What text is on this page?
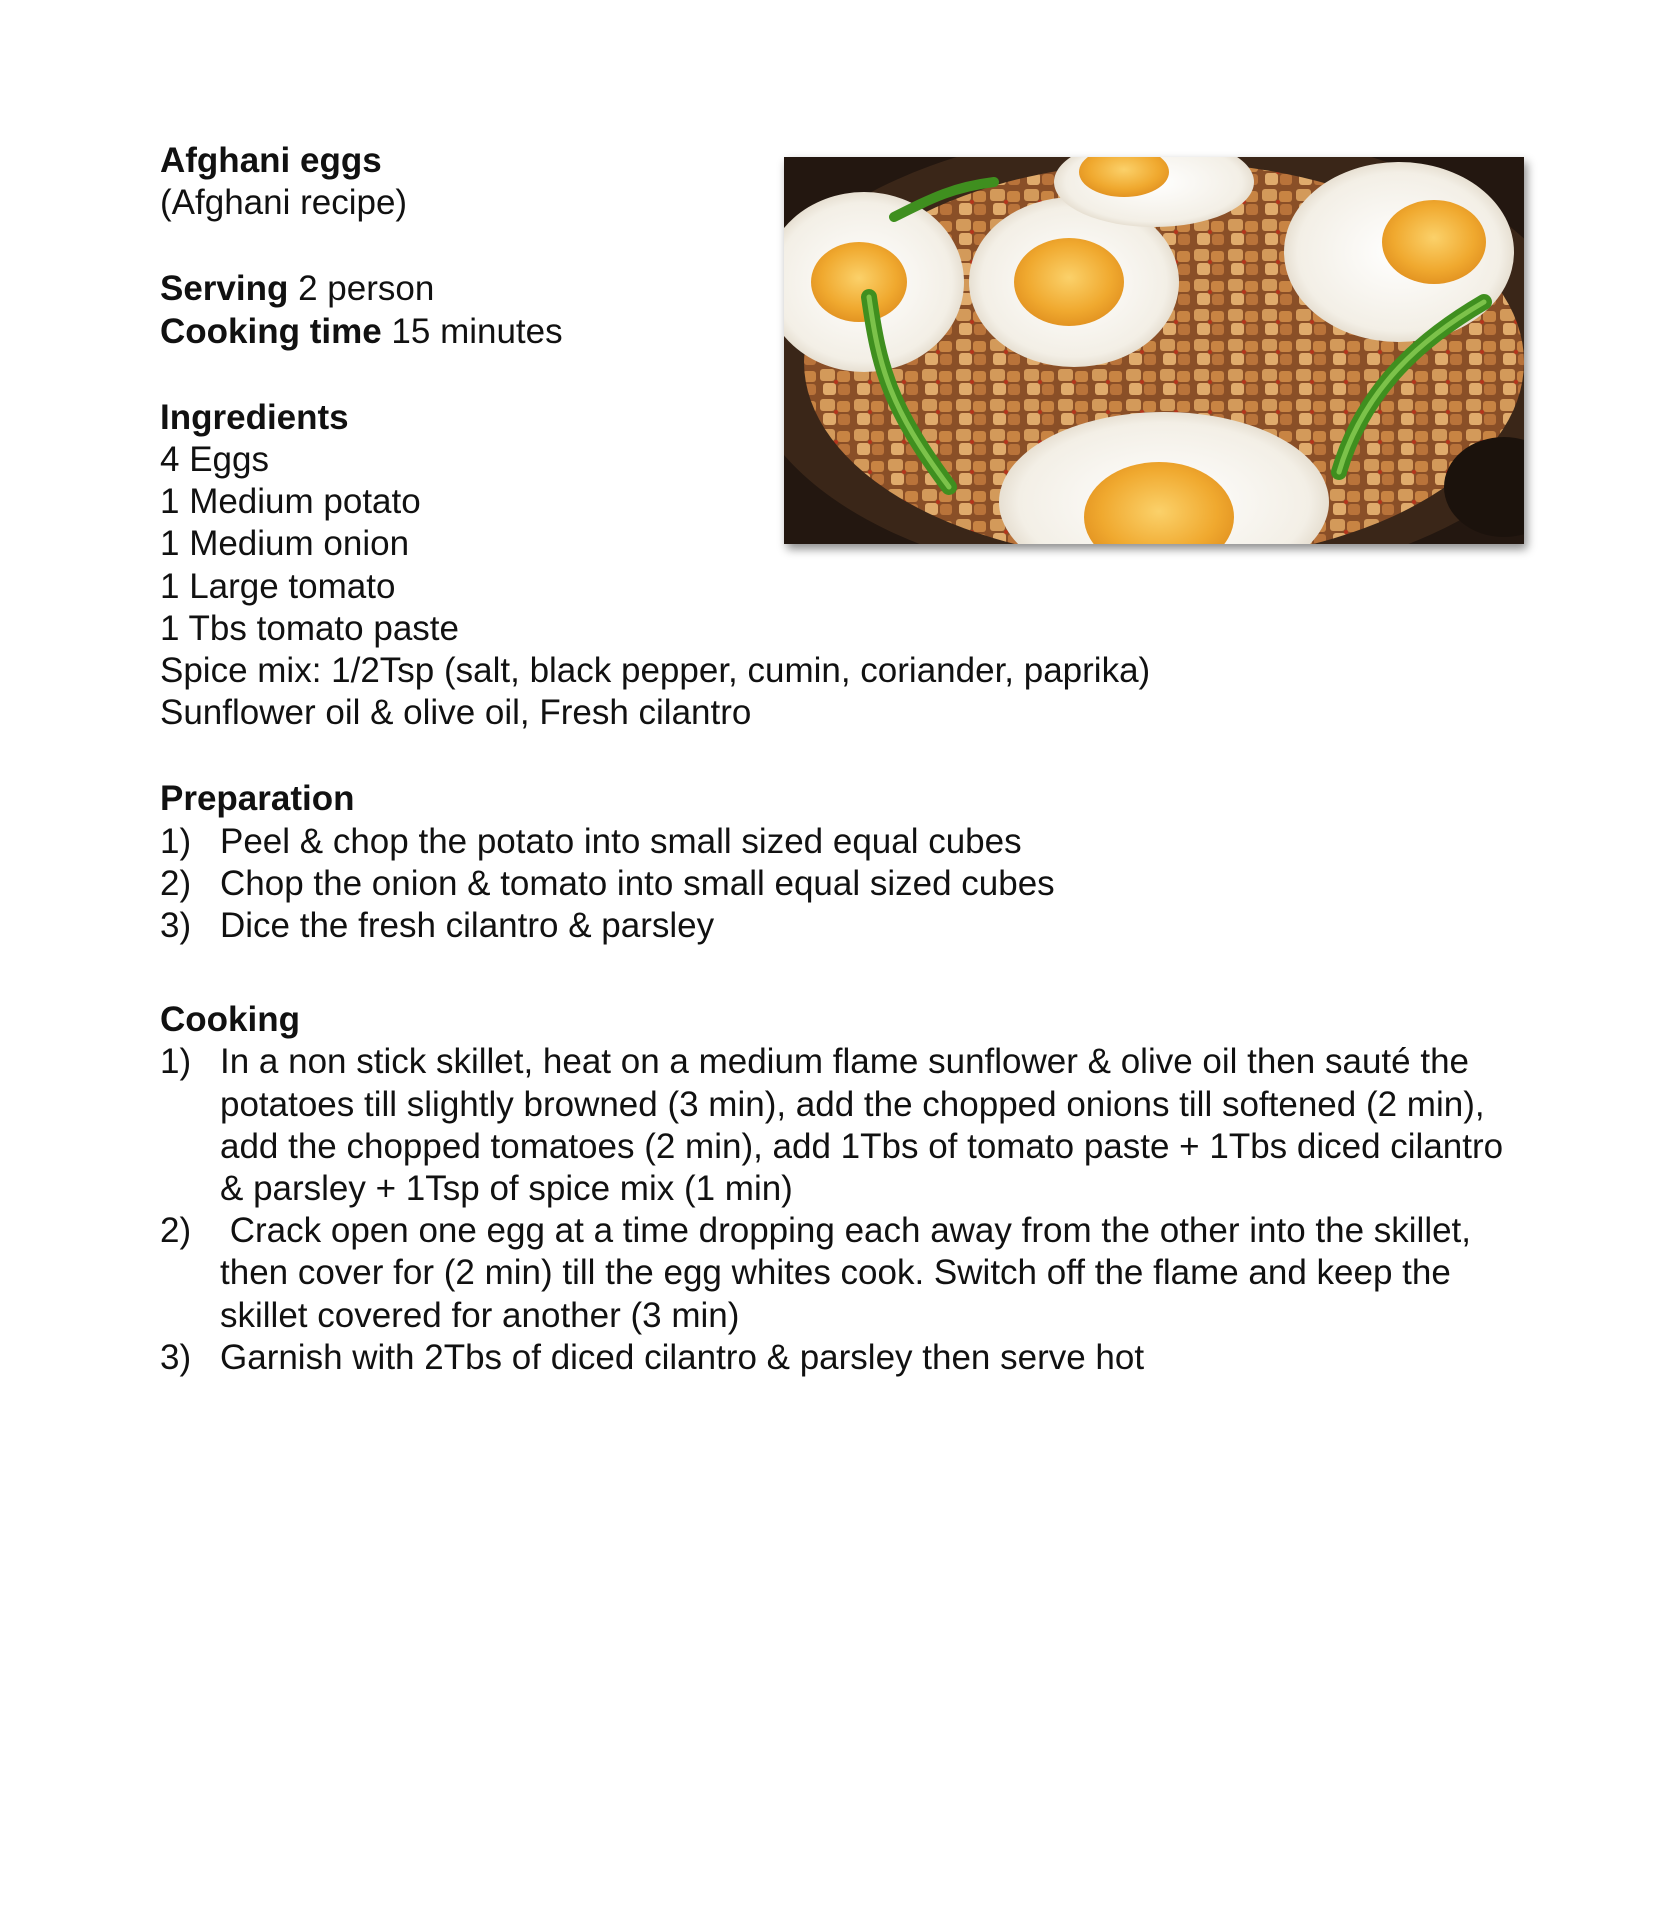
Afghani eggs
(Afghani recipe)
Serving 2 person
Cooking time 15 minutes
Ingredients
4 Eggs
1 Medium potato
1 Medium onion
1 Large tomato
1 Tbs tomato paste
Spice mix: 1/2Tsp (salt, black pepper, cumin, coriander, paprika)
Sunflower oil & olive oil, Fresh cilantro
Preparation
1) Peel & chop the potato into small sized equal cubes
2) Chop the onion & tomato into small equal sized cubes
3) Dice the fresh cilantro & parsley
Cooking
1) In a non stick skillet, heat on a medium flame sunflower & olive oil then sauté the potatoes till slightly browned (3 min), add the chopped onions till softened (2 min), add the chopped tomatoes (2 min), add 1Tbs of tomato paste + 1Tbs diced cilantro & parsley + 1Tsp of spice mix (1 min)
2) Crack open one egg at a time dropping each away from the other into the skillet, then cover for (2 min) till the egg whites cook. Switch off the flame and keep the skillet covered for another (3 min)
3) Garnish with 2Tbs of diced cilantro & parsley then serve hot
